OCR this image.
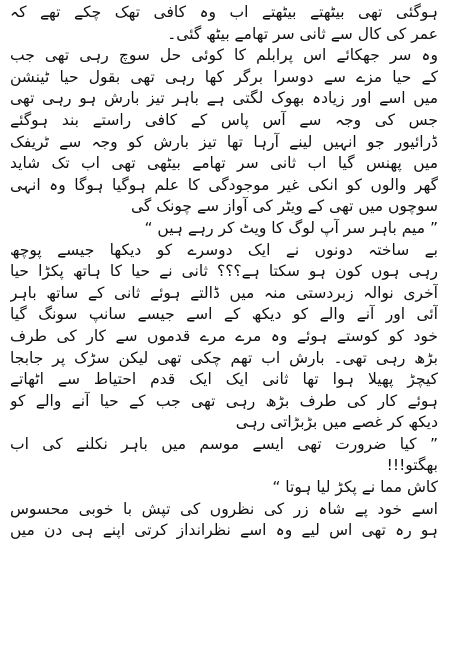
ہوگئی تھی بیٹھتے بیٹھتے اب وہ کافی تھک چکے تھے کہ
عمر کی کال سے ثانی سر تھامے بیٹھ گئی۔
وہ سر جھکائے اس پرابلم کا کوئی حل سوچ رہی تھی جب
کے حیا مزے سے دوسرا برگر کھا رہی تھی بقول حیا ٹینشن
میں اسے اور زیادہ بھوک لگتی ہے باہر تیز بارش ہو رہی تھی
جس کی وجہ سے آس پاس کے کافی راستے بند ہوگئے
ڈرائیور جو انہیں لینے آرہا تھا تیز بارش کو وجہ سے ٹریفک
میں پھنس گیا اب ثانی سر تھامے بیٹھی تھی اب تک شاید
گھر والوں کو انکی غیر موجودگی کا علم ہوگیا ہوگا وہ انہی
سوچوں میں تھی کے ویٹر کی آواز سے چونک گی
” میم باہر سر آپ لوگ کا ویٹ کر رہے ہیں “
بے ساختہ دونوں نے ایک دوسرے کو دیکھا جیسے پوچھ
رہی ہوں کون ہو سکتا ہے؟؟؟ ثانی نے حیا کا ہاتھ پکڑا حیا
آخری نوالہ زبردستی منہ میں ڈالتے ہوئے ثانی کے ساتھ باہر
آئی اور آنے والے کو دیکھ کے اسے جیسے سانپ سونگ گیا
خود کو کوستے ہوئے وہ مرے مرے قدموں سے کار کی طرف
بڑھ رہی تھی۔ بارش اب تھم چکی تھی لیکن سڑک پر جابجا
کیچڑ پھیلا ہوا تھا ثانی ایک ایک قدم احتیاط سے اٹھاتے
ہوئے کار کی طرف بڑھ رہی تھی جب کے حیا آنے والے کو
دیکھ کر غصے میں بڑبڑاتی رہی
” کیا ضرورت تھی ایسے موسم میں باہر نکلنے کی اب
بھگتو!!!
کاش مما نے پکڑ لیا ہوتا “
اسے خود پے شاہ زر کی نظروں کی تپش با خوبی محسوس
ہو رہ تھی اس لیے وہ اسے نظرانداز کرتی اپنے ہی دن میں
